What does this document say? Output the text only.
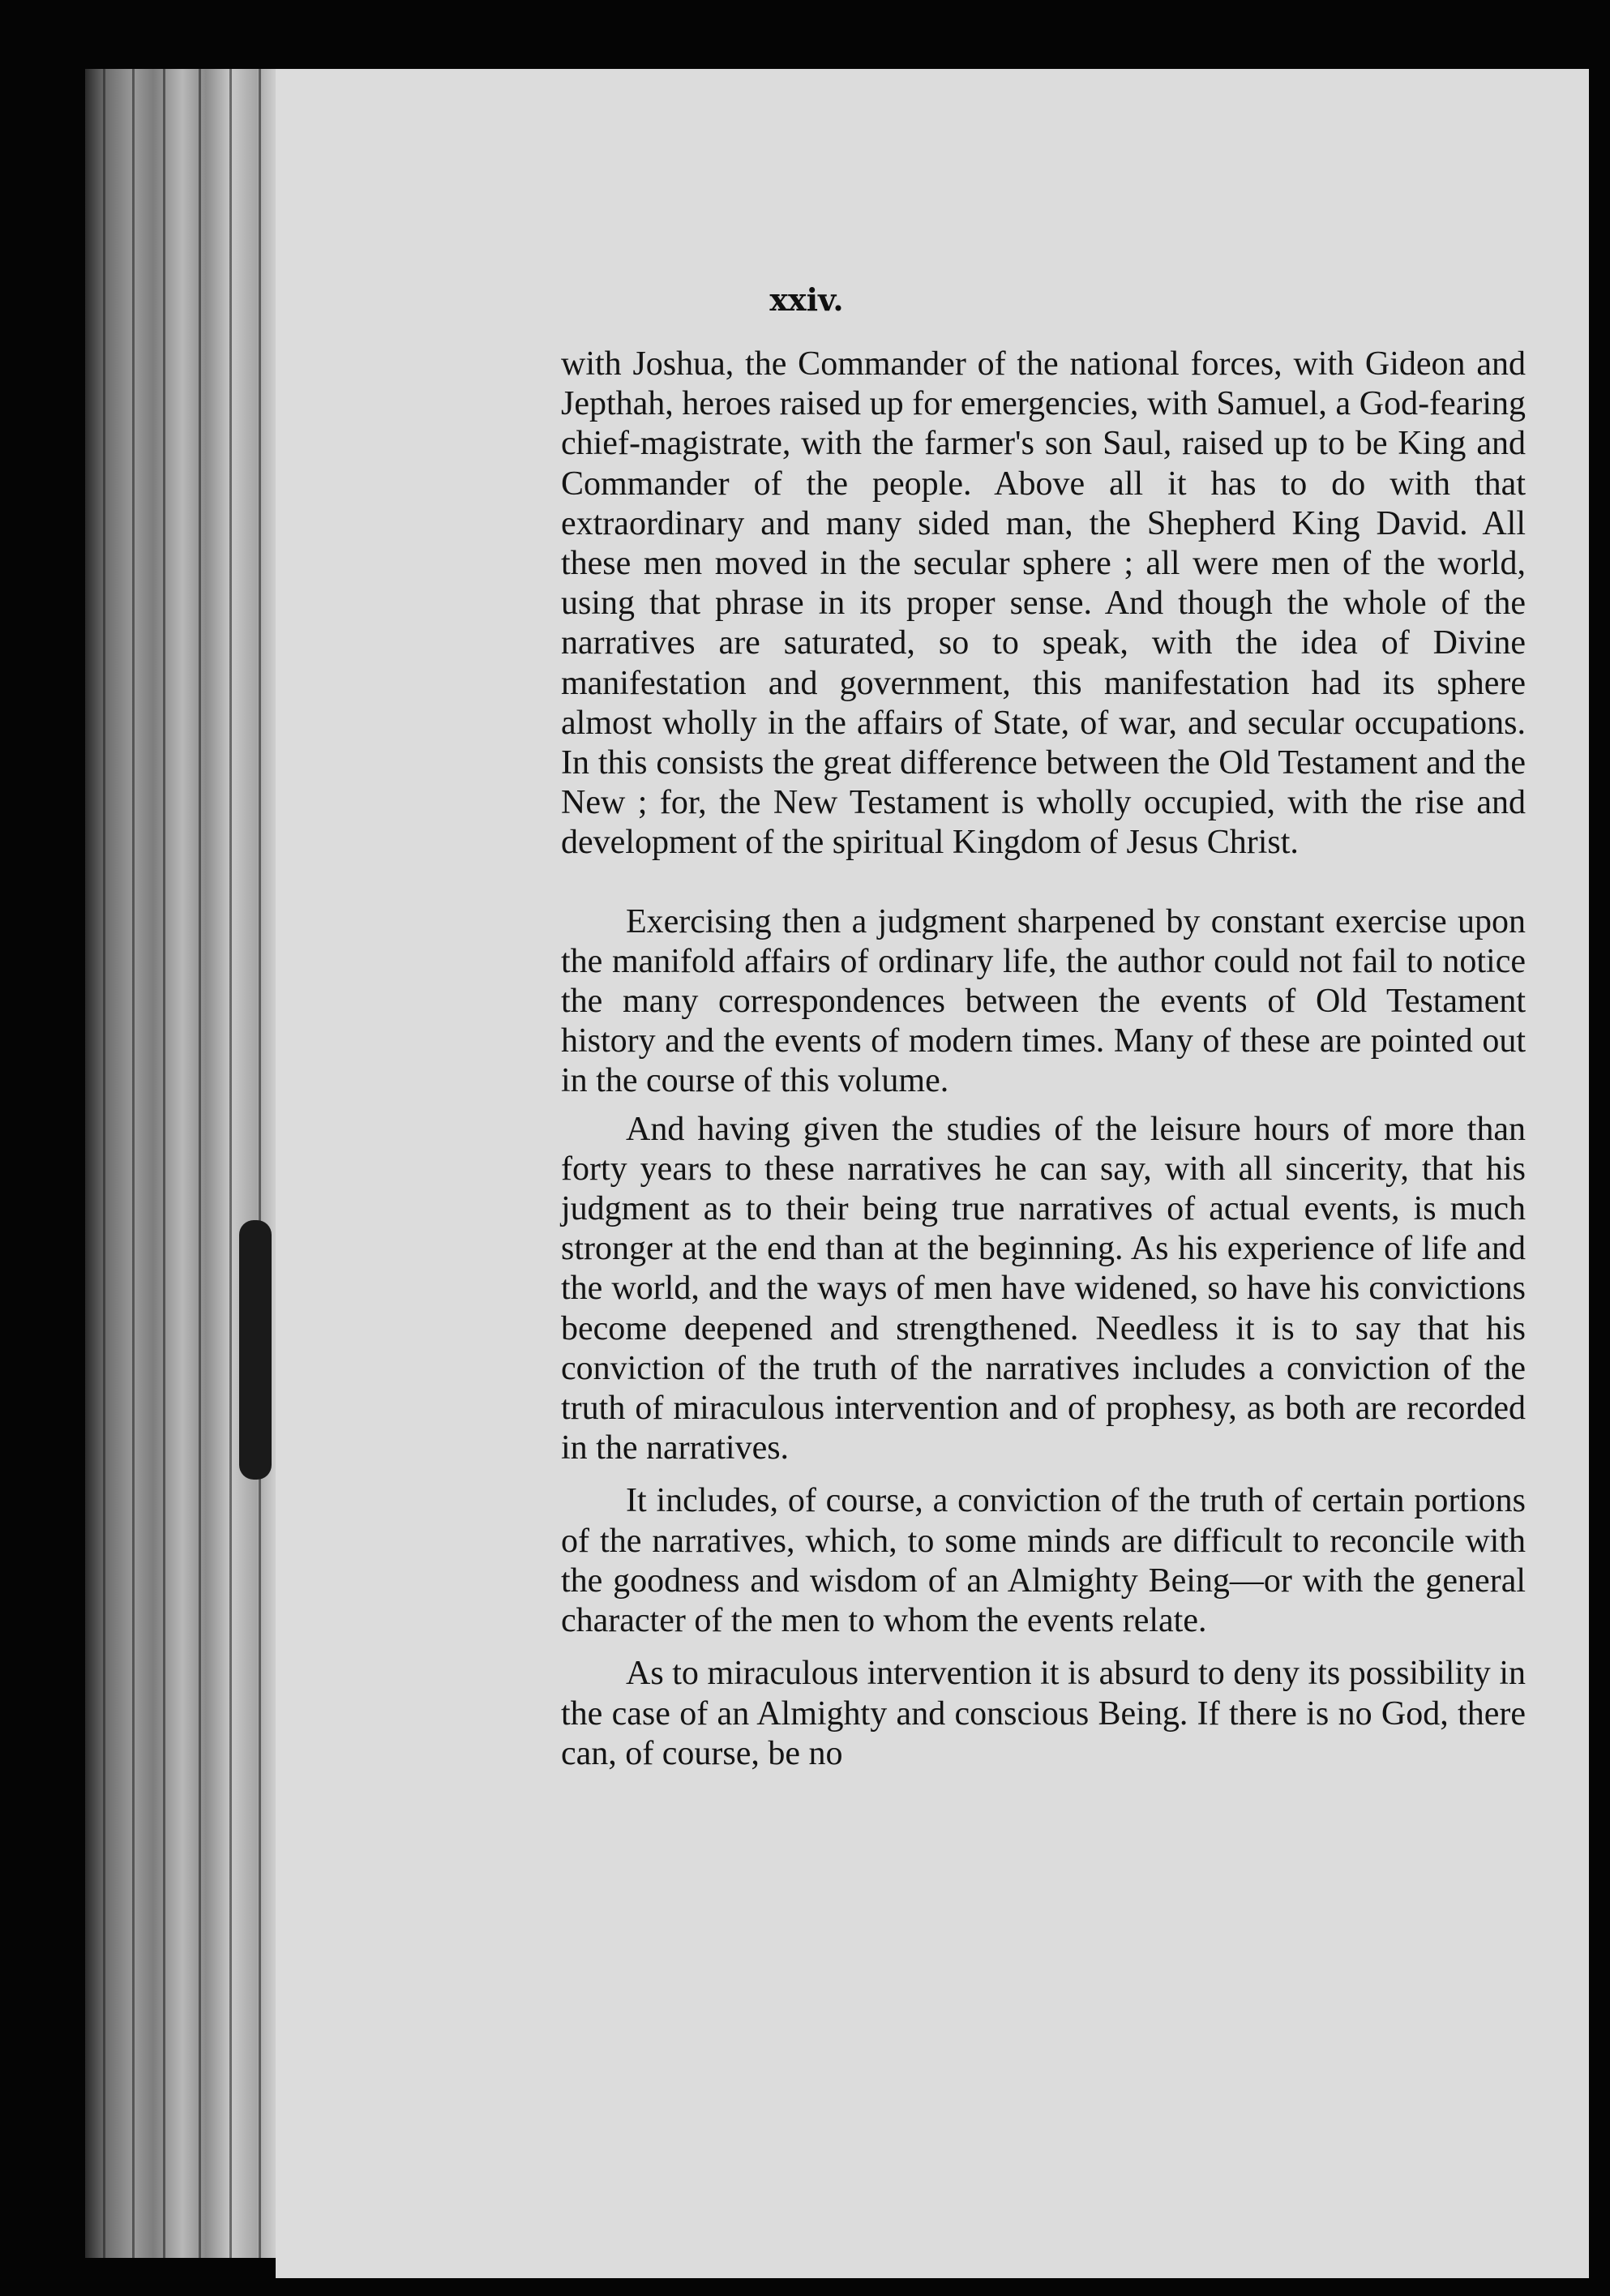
xxiv.

with Joshua, the Commander of the national forces, with Gideon and Jepthah, heroes raised up for emergencies, with Samuel, a God-fearing chief-magistrate, with the farmer's son Saul, raised up to be King and Commander of the people. Above all it has to do with that extraordinary and many sided man, the Shepherd King David. All these men moved in the secular sphere ; all were men of the world, using that phrase in its proper sense. And though the whole of the narratives are saturated, so to speak, with the idea of Divine manifestation and government, this manifestation had its sphere almost wholly in the affairs of State, of war, and secular occupations. In this consists the great difference between the Old Testament and the New ; for, the New Testament is wholly occupied, with the rise and development of the spiritual Kingdom of Jesus Christ.

Exercising then a judgment sharpened by constant exercise upon the manifold affairs of ordinary life, the author could not fail to notice the many correspondences between the events of Old Testament history and the events of modern times. Many of these are pointed out in the course of this volume.

And having given the studies of the leisure hours of more than forty years to these narratives he can say, with all sincerity, that his judgment as to their being true narratives of actual events, is much stronger at the end than at the beginning. As his experience of life and the world, and the ways of men have widened, so have his convictions become deepened and strengthened. Needless it is to say that his conviction of the truth of the narratives includes a conviction of the truth of miraculous intervention and of prophesy, as both are recorded in the narratives.

It includes, of course, a conviction of the truth of certain portions of the narratives, which, to some minds are difficult to reconcile with the goodness and wisdom of an Almighty Being—or with the general character of the men to whom the events relate.

As to miraculous intervention it is absurd to deny its possibility in the case of an Almighty and conscious Being. If there is no God, there can, of course, be no
